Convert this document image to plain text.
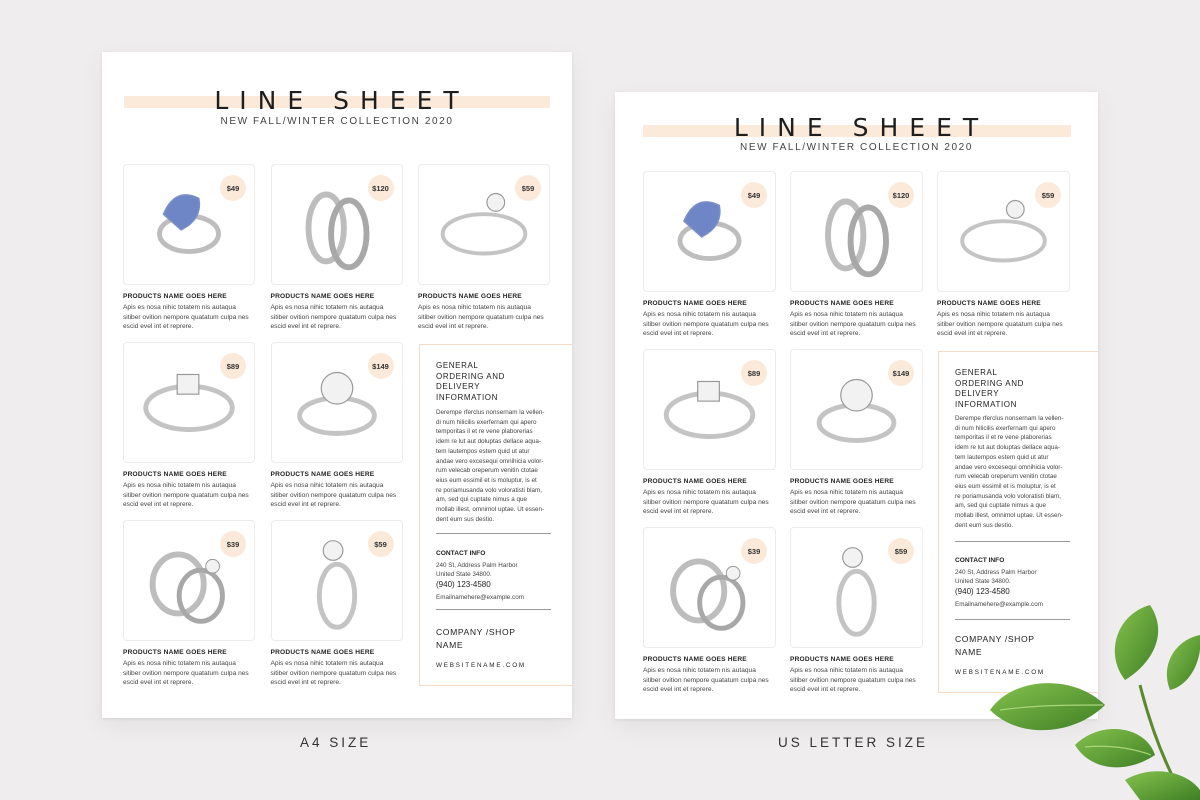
LINE SHEET
NEW FALL/WINTER COLLECTION 2020
$49
PRODUCTS NAME GOES HERE
Apis es nosa nihic totatem nis autaqua
sitiber ovition nempore quatatum culpa nes
escid evel int et reprere.
$120
PRODUCTS NAME GOES HERE
Apis es nosa nihic totatem nis autaqua
sitiber ovition nempore quatatum culpa nes
escid evel int et reprere.
$59
PRODUCTS NAME GOES HERE
Apis es nosa nihic totatem nis autaqua
sitiber ovition nempore quatatum culpa nes
escid evel int et reprere.
$89
PRODUCTS NAME GOES HERE
Apis es nosa nihic totatem nis autaqua
sitiber ovition nempore quatatum culpa nes
escid evel int et reprere.
$149
PRODUCTS NAME GOES HERE
Apis es nosa nihic totatem nis autaqua
sitiber ovition nempore quatatum culpa nes
escid evel int et reprere.
$39
PRODUCTS NAME GOES HERE
Apis es nosa nihic totatem nis autaqua
sitiber ovition nempore quatatum culpa nes
escid evel int et reprere.
$59
PRODUCTS NAME GOES HERE
Apis es nosa nihic totatem nis autaqua
sitiber ovition nempore quatatum culpa nes
escid evel int et reprere.
GENERAL
ORDERING AND
DELIVERY
INFORMATION
Derempe rferclus nonsernam la vellen-
di num hilicilis exerfernam qui apero
temporitas il et re vene plaborerias
idem re lut aut doluptas dellace aqua-
tem lautempos estem quid ut atur
andae vero excesequi omnihicia volor-
rum velecab oreperum venitin ctotae
eius eum essimil et is moluptur, is et
re poriamusanda volo voloratisti blam,
am, sed qui cuptate nimus a que
mollab illest, omnimol uptae. Ut essen-
dent eum sus destio.
CONTACT INFO
240 St, Address Palm Harbor
United State 34800.
(940) 123-4580
Emailnamehere@example.com
COMPANY /SHOP
NAME
WEBSITENAME.COM
LINE SHEET
NEW FALL/WINTER COLLECTION 2020
$49
PRODUCTS NAME GOES HERE
Apis es nosa nihic totatem nis autaqua
sitiber ovition nempore quatatum culpa nes
escid evel int et reprere.
$120
PRODUCTS NAME GOES HERE
Apis es nosa nihic totatem nis autaqua
sitiber ovition nempore quatatum culpa nes
escid evel int et reprere.
$59
PRODUCTS NAME GOES HERE
Apis es nosa nihic totatem nis autaqua
sitiber ovition nempore quatatum culpa nes
escid evel int et reprere.
$89
PRODUCTS NAME GOES HERE
Apis es nosa nihic totatem nis autaqua
sitiber ovition nempore quatatum culpa nes
escid evel int et reprere.
$149
PRODUCTS NAME GOES HERE
Apis es nosa nihic totatem nis autaqua
sitiber ovition nempore quatatum culpa nes
escid evel int et reprere.
$39
PRODUCTS NAME GOES HERE
Apis es nosa nihic totatem nis autaqua
sitiber ovition nempore quatatum culpa nes
escid evel int et reprere.
$59
PRODUCTS NAME GOES HERE
Apis es nosa nihic totatem nis autaqua
sitiber ovition nempore quatatum culpa nes
escid evel int et reprere.
GENERAL
ORDERING AND
DELIVERY
INFORMATION
Derempe rferclus nonsernam la vellen-
di num hilicilis exerfernam qui apero
temporitas il et re vene plaborerias
idem re lut aut doluptas dellace aqua-
tem lautempos estem quid ut atur
andae vero excesequi omnihicia volor-
rum velecab oreperum venitin ctotae
eius eum essimil et is moluptur, is et
re poriamusanda volo voloratisti blam,
am, sed qui cuptate nimus a que
mollab illest, omnimol uptae. Ut essen-
dent eum sus destio.
CONTACT INFO
240 St, Address Palm Harbor
United State 34800.
(940) 123-4580
Emailnamehere@example.com
COMPANY /SHOP
NAME
WEBSITENAME.COM
A4 SIZE	US LETTER SIZE
